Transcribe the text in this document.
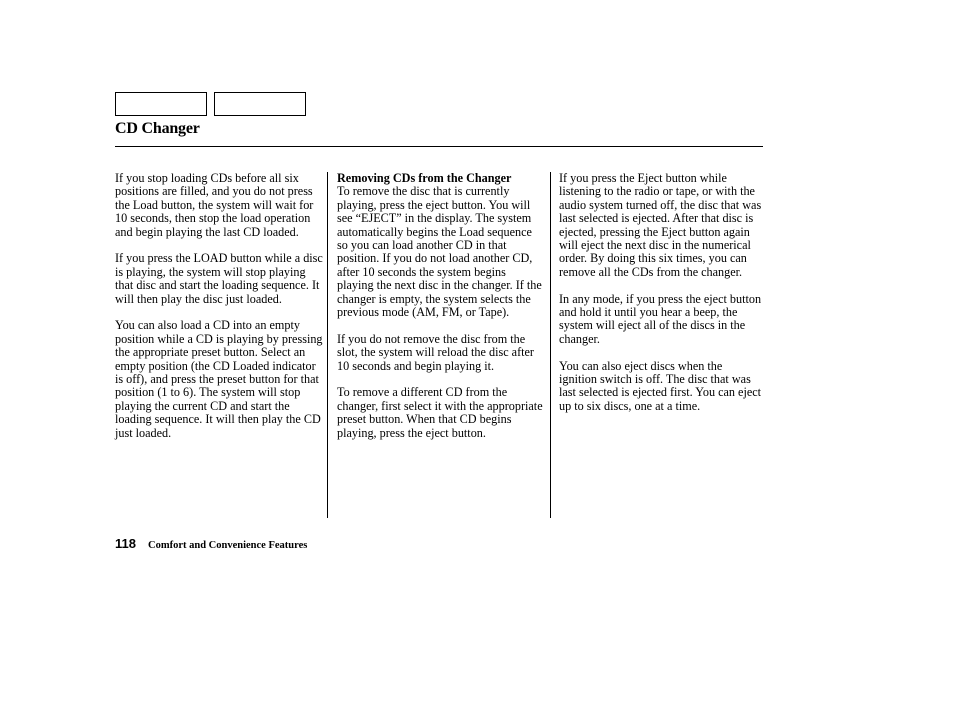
CD Changer

If you stop loading CDs before all six positions are filled, and you do not press the Load button, the system will wait for 10 seconds, then stop the load operation and begin playing the last CD loaded.

If you press the LOAD button while a disc is playing, the system will stop playing that disc and start the loading sequence. It will then play the disc just loaded.

You can also load a CD into an empty position while a CD is playing by pressing the appropriate preset button. Select an empty position (the CD Loaded indicator is off), and press the preset button for that position (1 to 6). The system will stop playing the current CD and start the loading sequence. It will then play the CD just loaded.

Removing CDs from the Changer

To remove the disc that is currently playing, press the eject button. You will see “EJECT” in the display. The system automatically begins the Load sequence so you can load another CD in that position. If you do not load another CD, after 10 seconds the system begins playing the next disc in the changer. If the changer is empty, the system selects the previous mode (AM, FM, or Tape).

If you do not remove the disc from the slot, the system will reload the disc after 10 seconds and begin playing it.

To remove a different CD from the changer, first select it with the appropriate preset button. When that CD begins playing, press the eject button.

If you press the Eject button while listening to the radio or tape, or with the audio system turned off, the disc that was last selected is ejected. After that disc is ejected, pressing the Eject button again will eject the next disc in the numerical order. By doing this six times, you can remove all the CDs from the changer.

In any mode, if you press the eject button and hold it until you hear a beep, the system will eject all of the discs in the changer.

You can also eject discs when the ignition switch is off. The disc that was last selected is ejected first. You can eject up to six discs, one at a time.

118 Comfort and Convenience Features
